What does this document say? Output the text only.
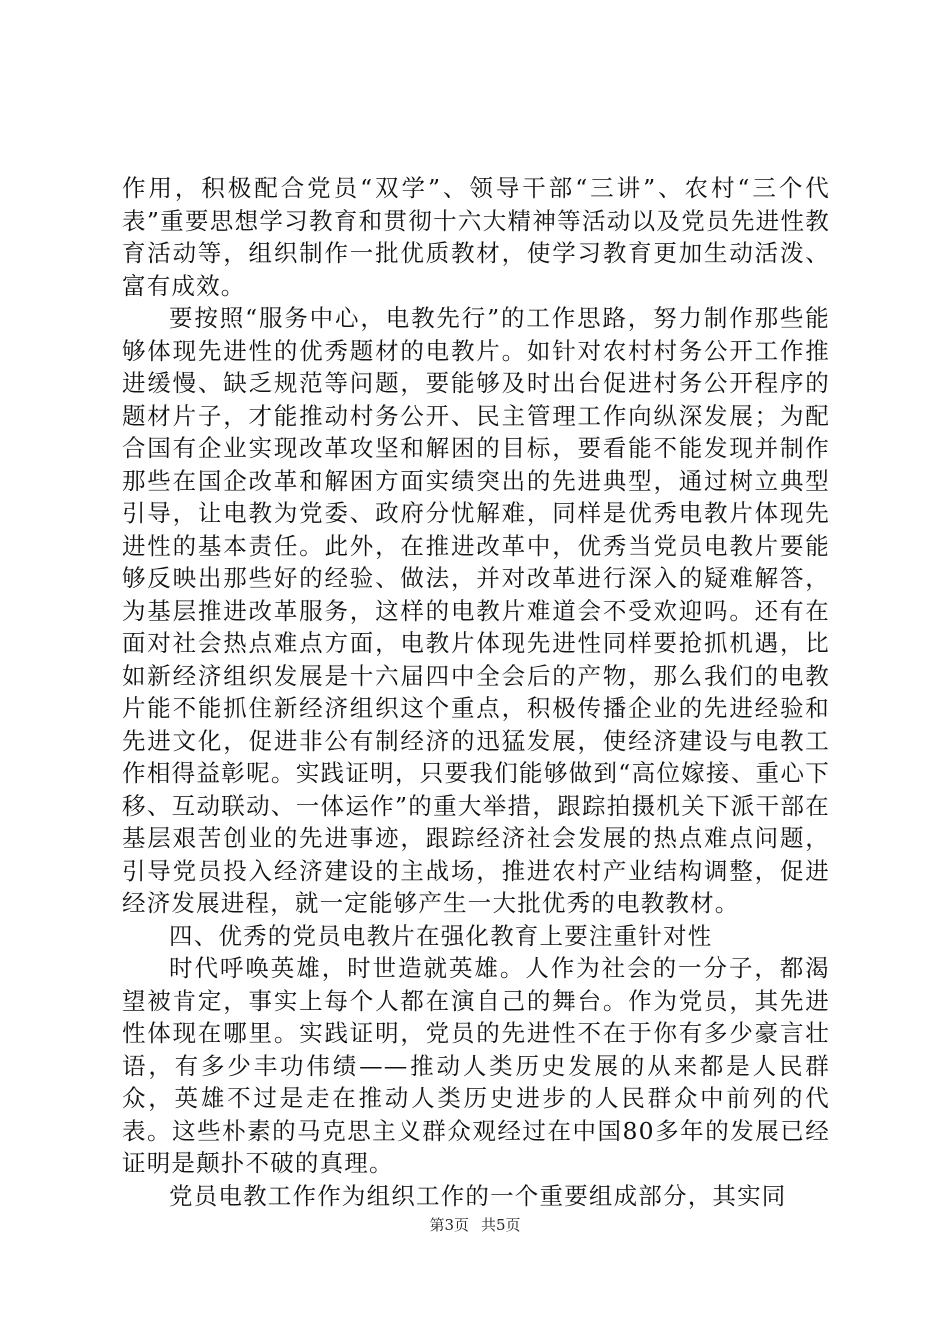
作用，积极配合党员“双学”、领导干部“三讲”、农村“三个代表”重要思想学习教育和贯彻十六大精神等活动以及党员先进性教育活动等，组织制作一批优质教材，使学习教育更加生动活泼、富有成效。

要按照“服务中心，电教先行”的工作思路，努力制作那些能够体现先进性的优秀题材的电教片。如针对农村村务公开工作推进缓慢、缺乏规范等问题，要能够及时出台促进村务公开程序的题材片子，才能推动村务公开、民主管理工作向纵深发展；为配合国有企业实现改革攻坚和解困的目标，要看能不能发现并制作那些在国企改革和解困方面实绩突出的先进典型，通过树立典型引导，让电教为党委、政府分忧解难，同样是优秀电教片体现先进性的基本责任。此外，在推进改革中，优秀当党员电教片要能够反映出那些好的经验、做法，并对改革进行深入的疑难解答，为基层推进改革服务，这样的电教片难道会不受欢迎吗。还有在面对社会热点难点方面，电教片体现先进性同样要抢抓机遇，比如新经济组织发展是十六届四中全会后的产物，那么我们的电教片能不能抓住新经济组织这个重点，积极传播企业的先进经验和先进文化，促进非公有制经济的迅猛发展，使经济建设与电教工作相得益彰呢。实践证明，只要我们能够做到“高位嫁接、重心下移、互动联动、一体运作”的重大举措，跟踪拍摄机关下派干部在基层艰苦创业的先进事迹，跟踪经济社会发展的热点难点问题，引导党员投入经济建设的主战场，推进农村产业结构调整，促进经济发展进程，就一定能够产生一大批优秀的电教教材。

四、优秀的党员电教片在强化教育上要注重针对性

时代呼唤英雄，时世造就英雄。人作为社会的一分子，都渴望被肯定，事实上每个人都在演自己的舞台。作为党员，其先进性体现在哪里。实践证明，党员的先进性不在于你有多少豪言壮语，有多少丰功伟绩——推动人类历史发展的从来都是人民群众，英雄不过是走在推动人类历史进步的人民群众中前列的代表。这些朴素的马克思主义群众观经过在中国80多年的发展已经证明是颠扑不破的真理。

党员电教工作作为组织工作的一个重要组成部分，其实同

第3页 共5页
